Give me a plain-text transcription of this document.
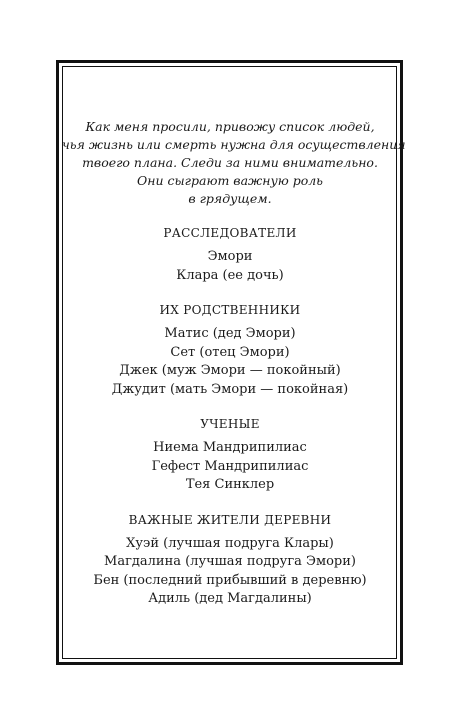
Как меня просили, привожу список людей,
чья жизнь или смерть нужна для осуществления
твоего плана. Следи за ними внимательно.
Они сыграют важную роль
в грядущем.

РАССЛЕДОВАТЕЛИ
Эмори
Клара (ее дочь)
ИХ РОДСТВЕННИКИ
Матис (дед Эмори)
Сет (отец Эмори)
Джек (муж Эмори — покойный)
Джудит (мать Эмори — покойная)
УЧЕНЫЕ
Ниема Мандрипилиас
Гефест Мандрипилиас
Тея Синклер
ВАЖНЫЕ ЖИТЕЛИ ДЕРЕВНИ
Хуэй (лучшая подруга Клары)
Магдалина (лучшая подруга Эмори)
Бен (последний прибывший в деревню)
Адиль (дед Магдалины)
